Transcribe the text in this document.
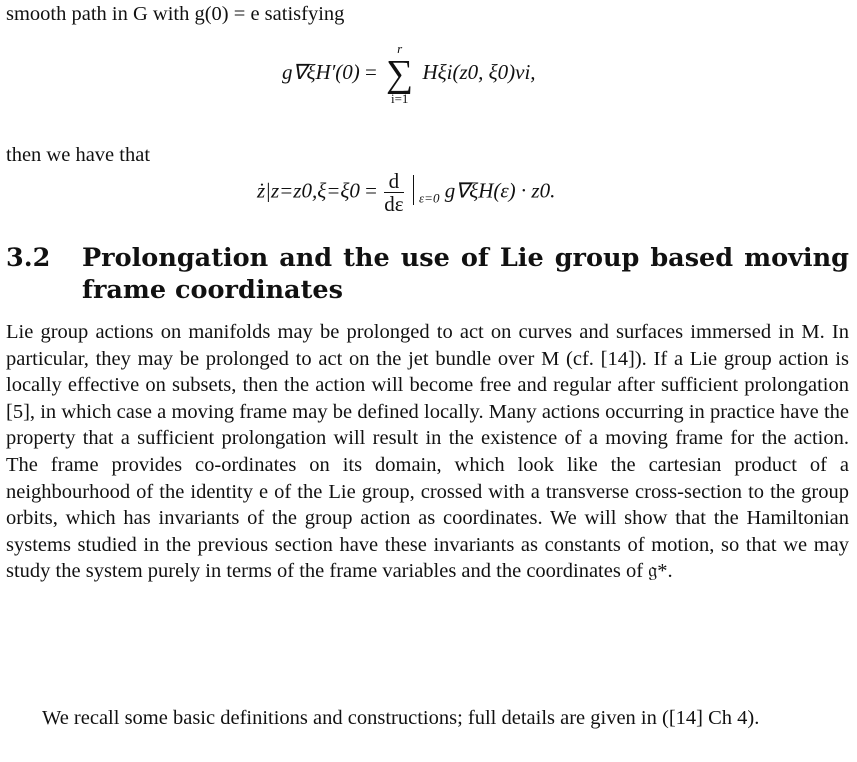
smooth path in G with g(0) = e satisfying
g∇ξH′(0) =
r
∑
i=1
Hξi(z0, ξ0)vi,
then we have that
ż|z=z0,ξ=ξ0 = $\frac{d}{d\varepsilon} _{\varepsilon=0}$ g∇ξH(ε) · z0.
3.2 Prolongation and the use of Lie group based moving frame coordinates
Lie group actions on manifolds may be prolonged to act on curves and surfaces immersed in M. In particular, they may be prolonged to act on the jet bundle over M (cf. [14]). If a Lie group action is locally effective on subsets, then the action will become free and regular after sufficient prolongation [5], in which case a moving frame may be defined locally. Many actions occurring in practice have the property that a sufficient prolongation will result in the existence of a moving frame for the action. The frame provides co-ordinates on its domain, which look like the cartesian product of a neighbourhood of the identity e of the Lie group, crossed with a transverse cross-section to the group orbits, which has invariants of the group action as coordinates. We will show that the Hamiltonian systems studied in the previous section have these invariants as constants of motion, so that we may study the system purely in terms of the frame variables and the coordinates of 𝔤*.
We recall some basic definitions and constructions; full details are given in ([14] Ch 4).
